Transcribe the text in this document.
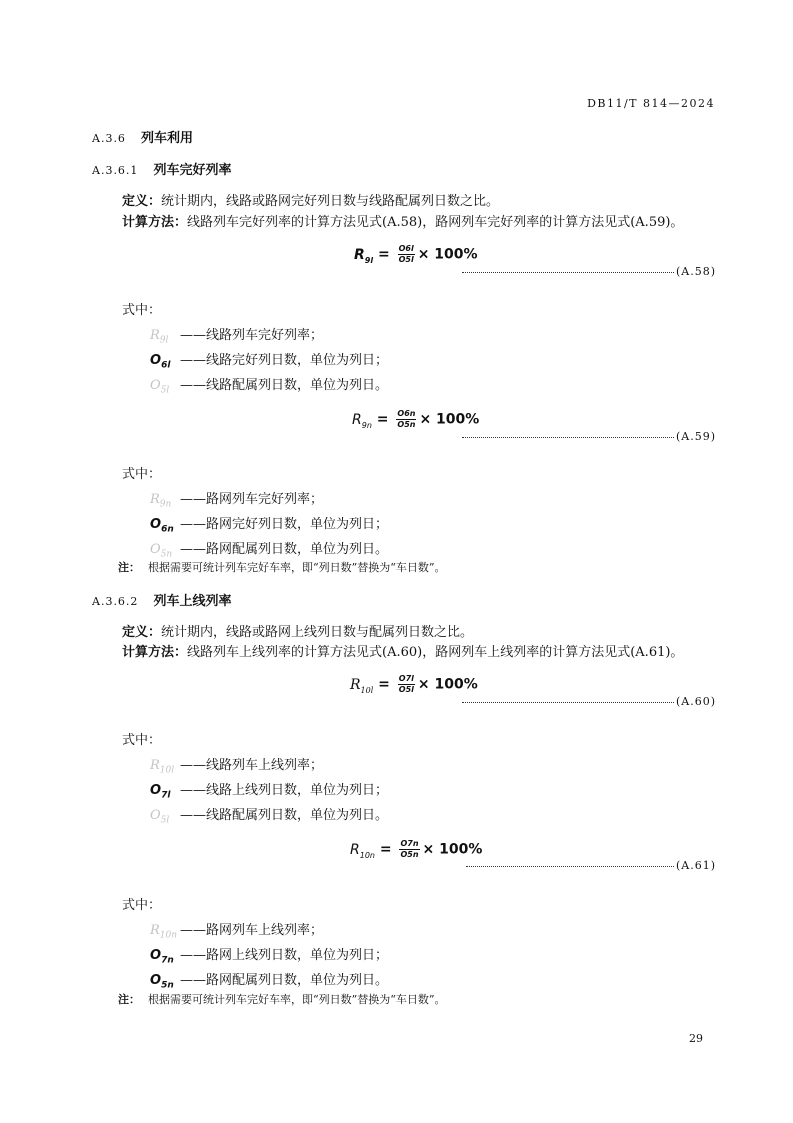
DB11/T 814—2024
A.3.6 列车利用
A.3.6.1 列车完好列率
定义：统计期内，线路或路网完好列日数与线路配属列日数之比。
计算方法：线路列车完好列率的计算方法见式(A.58)，路网列车完好列率的计算方法见式(A.59)。
$R_{9l} = \frac{O6l}{O5l} \times 100\%$
(A.58)
式中：
$R_{9l}$ ——线路列车完好列率；
$O_{6l}$ ——线路完好列日数，单位为列日；
$O_{5l}$ ——线路配属列日数，单位为列日。
$R_{9n} = \frac{O6n}{O5n} \times 100\%$
(A.59)
式中：
$R_{9n}$ ——路网列车完好列率；
$O_{6n}$ ——路网完好列日数，单位为列日；
$O_{5n}$ ——路网配属列日数，单位为列日。
注： 根据需要可统计列车完好车率，即“列日数”替换为“车日数”。
A.3.6.2 列车上线列率
定义：统计期内，线路或路网上线列日数与配属列日数之比。
计算方法：线路列车上线列率的计算方法见式(A.60)，路网列车上线列率的计算方法见式(A.61)。
$R_{10l} = \frac{O7l}{O5l} \times 100\%$
(A.60)
式中：
$R_{10l}$ ——线路列车上线列率；
$O_{7l}$ ——线路上线列日数，单位为列日；
$O_{5l}$ ——线路配属列日数，单位为列日。
$R_{10n} = \frac{O7n}{O5n} \times 100\%$
(A.61)
式中：
$R_{10n}$ ——路网列车上线列率；
$O_{7n}$ ——路网上线列日数，单位为列日；
$O_{5n}$ ——路网配属列日数，单位为列日。
注： 根据需要可统计列车完好车率，即“列日数”替换为“车日数”。
29
